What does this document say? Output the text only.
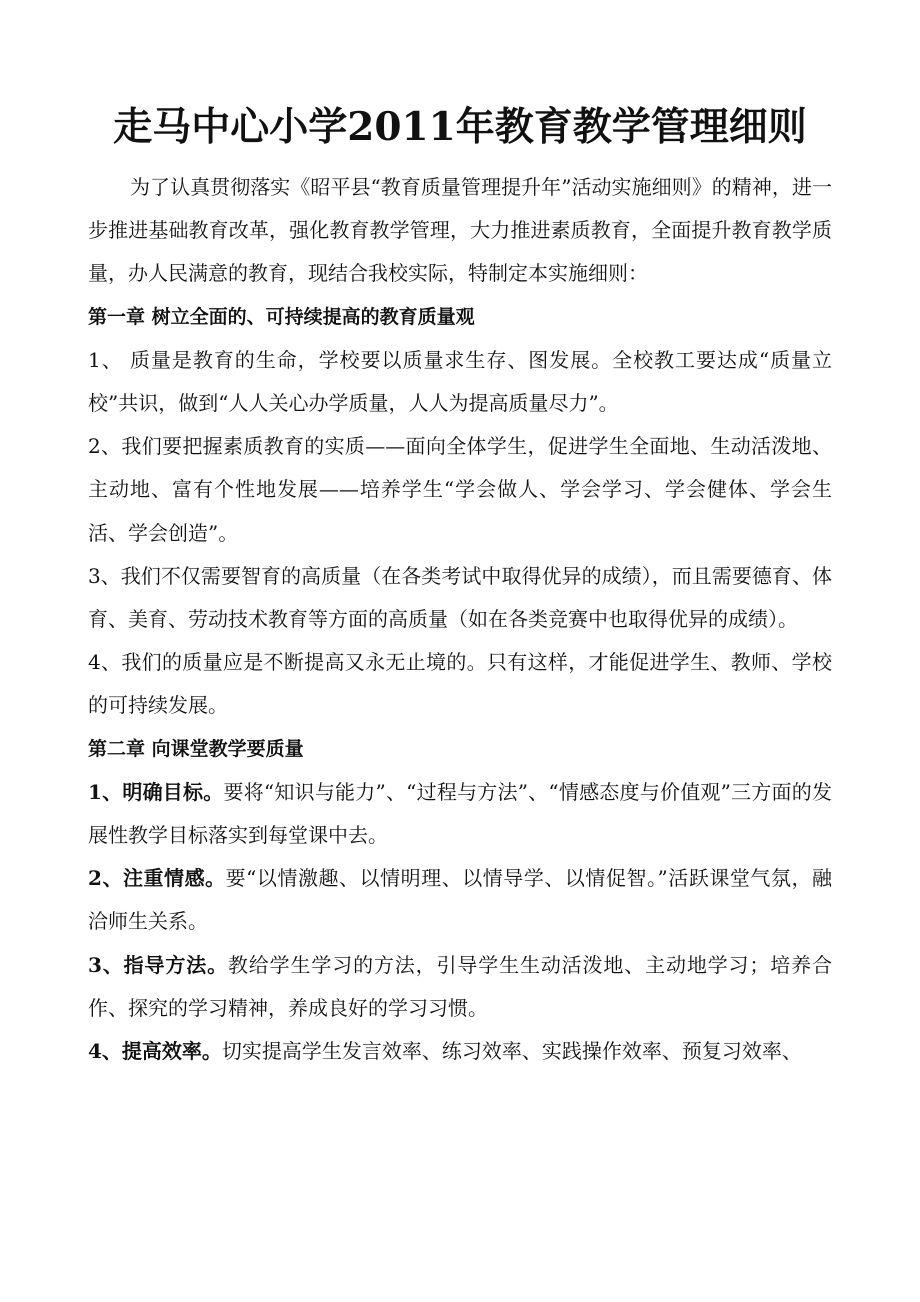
走马中心小学2011年教育教学管理细则

为了认真贯彻落实《昭平县“教育质量管理提升年”活动实施细则》的精神，进一步推进基础教育改革，强化教育教学管理，大力推进素质教育，全面提升教育教学质量，办人民满意的教育，现结合我校实际，特制定本实施细则：

第一章 树立全面的、可持续提高的教育质量观

1、 质量是教育的生命，学校要以质量求生存、图发展。全校教工要达成“质量立校”共识，做到“人人关心办学质量，人人为提高质量尽力”。

2、我们要把握素质教育的实质——面向全体学生，促进学生全面地、生动活泼地、主动地、富有个性地发展——培养学生“学会做人、学会学习、学会健体、学会生活、学会创造”。

3、我们不仅需要智育的高质量（在各类考试中取得优异的成绩），而且需要德育、体育、美育、劳动技术教育等方面的高质量（如在各类竞赛中也取得优异的成绩）。

4、我们的质量应是不断提高又永无止境的。只有这样，才能促进学生、教师、学校的可持续发展。

第二章 向课堂教学要质量

1、明确目标。要将“知识与能力”、“过程与方法”、“情感态度与价值观”三方面的发展性教学目标落实到每堂课中去。

2、注重情感。要“以情激趣、以情明理、以情导学、以情促智。”活跃课堂气氛，融洽师生关系。

3、指导方法。教给学生学习的方法，引导学生生动活泼地、主动地学习；培养合作、探究的学习精神，养成良好的学习习惯。

4、提高效率。切实提高学生发言效率、练习效率、实践操作效率、预复习效率、
